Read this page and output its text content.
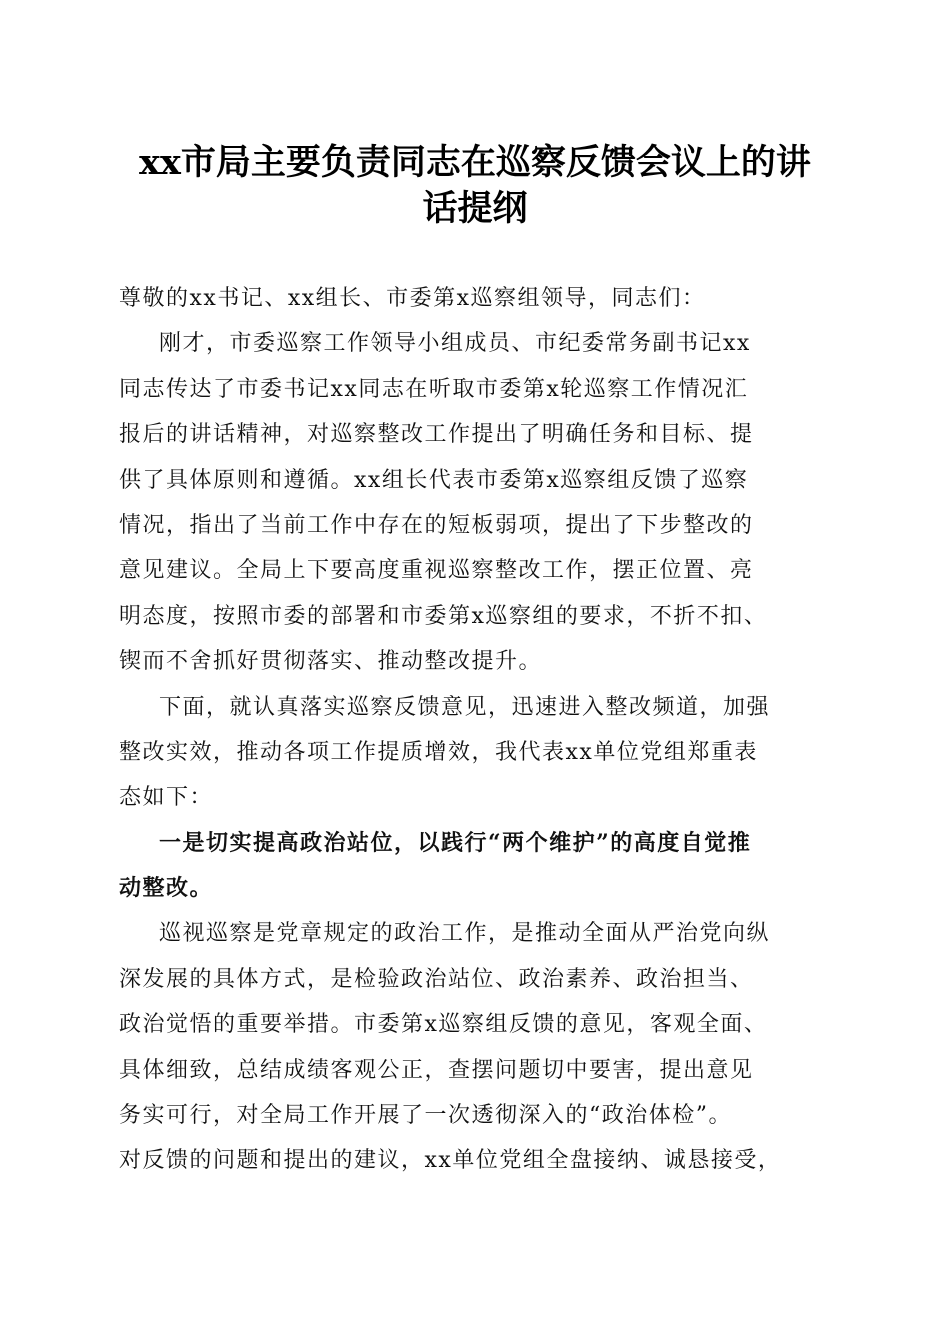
xx市局主要负责同志在巡察反馈会议上的讲
话提纲
尊敬的xx书记、xx组长、市委第x巡察组领导，同志们：
刚才，市委巡察工作领导小组成员、市纪委常务副书记xx
同志传达了市委书记xx同志在听取市委第x轮巡察工作情况汇
报后的讲话精神，对巡察整改工作提出了明确任务和目标、提
供了具体原则和遵循。xx组长代表市委第x巡察组反馈了巡察
情况，指出了当前工作中存在的短板弱项，提出了下步整改的
意见建议。全局上下要高度重视巡察整改工作，摆正位置、亮
明态度，按照市委的部署和市委第x巡察组的要求，不折不扣、
锲而不舍抓好贯彻落实、推动整改提升。
下面，就认真落实巡察反馈意见，迅速进入整改频道，加强
整改实效，推动各项工作提质增效，我代表xx单位党组郑重表
态如下：
一是切实提高政治站位，以践行“两个维护”的高度自觉推
动整改。
巡视巡察是党章规定的政治工作，是推动全面从严治党向纵
深发展的具体方式，是检验政治站位、政治素养、政治担当、
政治觉悟的重要举措。市委第x巡察组反馈的意见，客观全面、
具体细致，总结成绩客观公正，查摆问题切中要害，提出意见
务实可行，对全局工作开展了一次透彻深入的“政治体检”。
对反馈的问题和提出的建议，xx单位党组全盘接纳、诚恳接受，
